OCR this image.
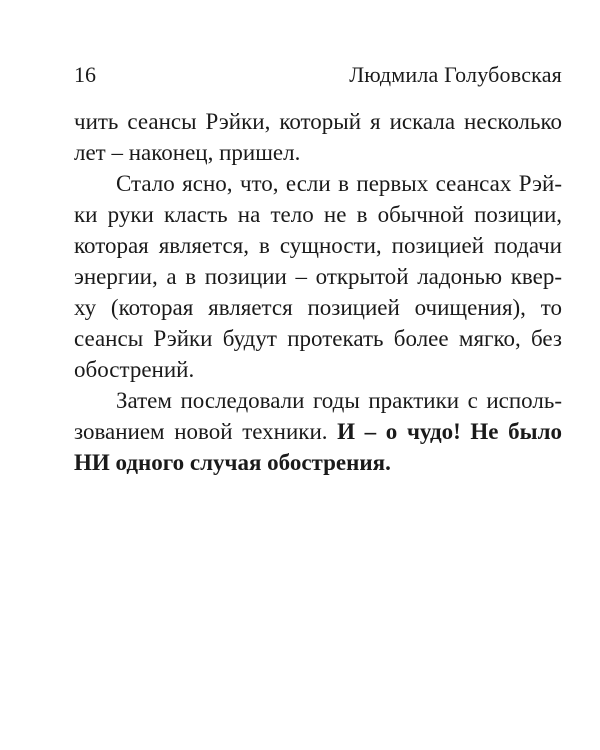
16	Людмила Голубовская
чить сеансы Рэйки, который я искала несколько
лет – наконец, пришел.
Стало ясно, что, если в первых сеансах Рэй-
ки руки класть на тело не в обычной позиции,
которая является, в сущности, позицией подачи
энергии, а в позиции – открытой ладонью квер-
ху (которая является позицией очищения), то
сеансы Рэйки будут протекать более мягко, без
обострений.
Затем последовали годы практики с исполь-
зованием новой техники. И – о чудо! Не было
НИ одного случая обострения.
